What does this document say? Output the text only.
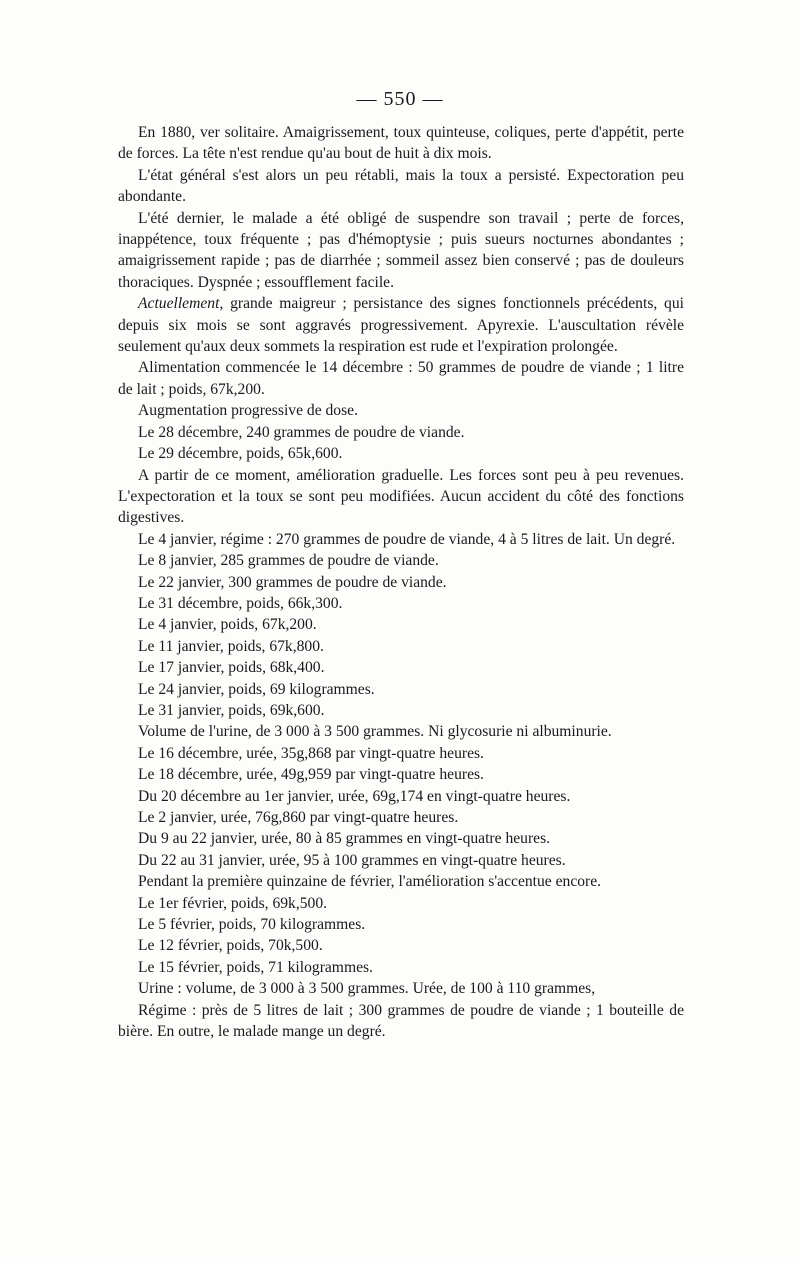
— 550 —

En 1880, ver solitaire. Amaigrissement, toux quinteuse, coliques, perte d'appétit, perte de forces. La tête n'est rendue qu'au bout de huit à dix mois.

L'état général s'est alors un peu rétabli, mais la toux a persisté. Expectoration peu abondante.

L'été dernier, le malade a été obligé de suspendre son travail ; perte de forces, inappétence, toux fréquente ; pas d'hémoptysie ; puis sueurs nocturnes abondantes ; amaigrissement rapide ; pas de diarrhée ; sommeil assez bien conservé ; pas de douleurs thoraciques. Dyspnée ; essoufflement facile.

Actuellement, grande maigreur ; persistance des signes fonctionnels précédents, qui depuis six mois se sont aggravés progressivement. Apyrexie. L'auscultation révèle seulement qu'aux deux sommets la respiration est rude et l'expiration prolongée.

Alimentation commencée le 14 décembre : 50 grammes de poudre de viande ; 1 litre de lait ; poids, 67k,200.

Augmentation progressive de dose.

Le 28 décembre, 240 grammes de poudre de viande.

Le 29 décembre, poids, 65k,600.

A partir de ce moment, amélioration graduelle. Les forces sont peu à peu revenues. L'expectoration et la toux se sont peu modifiées. Aucun accident du côté des fonctions digestives.

Le 4 janvier, régime : 270 grammes de poudre de viande, 4 à 5 litres de lait. Un degré.

Le 8 janvier, 285 grammes de poudre de viande.

Le 22 janvier, 300 grammes de poudre de viande.

Le 31 décembre, poids, 66k,300.

Le 4 janvier, poids, 67k,200.

Le 11 janvier, poids, 67k,800.

Le 17 janvier, poids, 68k,400.

Le 24 janvier, poids, 69 kilogrammes.

Le 31 janvier, poids, 69k,600.

Volume de l'urine, de 3 000 à 3 500 grammes. Ni glycosurie ni albuminurie.

Le 16 décembre, urée, 35g,868 par vingt-quatre heures.

Le 18 décembre, urée, 49g,959 par vingt-quatre heures.

Du 20 décembre au 1er janvier, urée, 69g,174 en vingt-quatre heures.

Le 2 janvier, urée, 76g,860 par vingt-quatre heures.

Du 9 au 22 janvier, urée, 80 à 85 grammes en vingt-quatre heures.

Du 22 au 31 janvier, urée, 95 à 100 grammes en vingt-quatre heures.

Pendant la première quinzaine de février, l'amélioration s'accentue encore.

Le 1er février, poids, 69k,500.

Le 5 février, poids, 70 kilogrammes.

Le 12 février, poids, 70k,500.

Le 15 février, poids, 71 kilogrammes.

Urine : volume, de 3 000 à 3 500 grammes. Urée, de 100 à 110 grammes,

Régime : près de 5 litres de lait ; 300 grammes de poudre de viande ; 1 bouteille de bière. En outre, le malade mange un degré.
